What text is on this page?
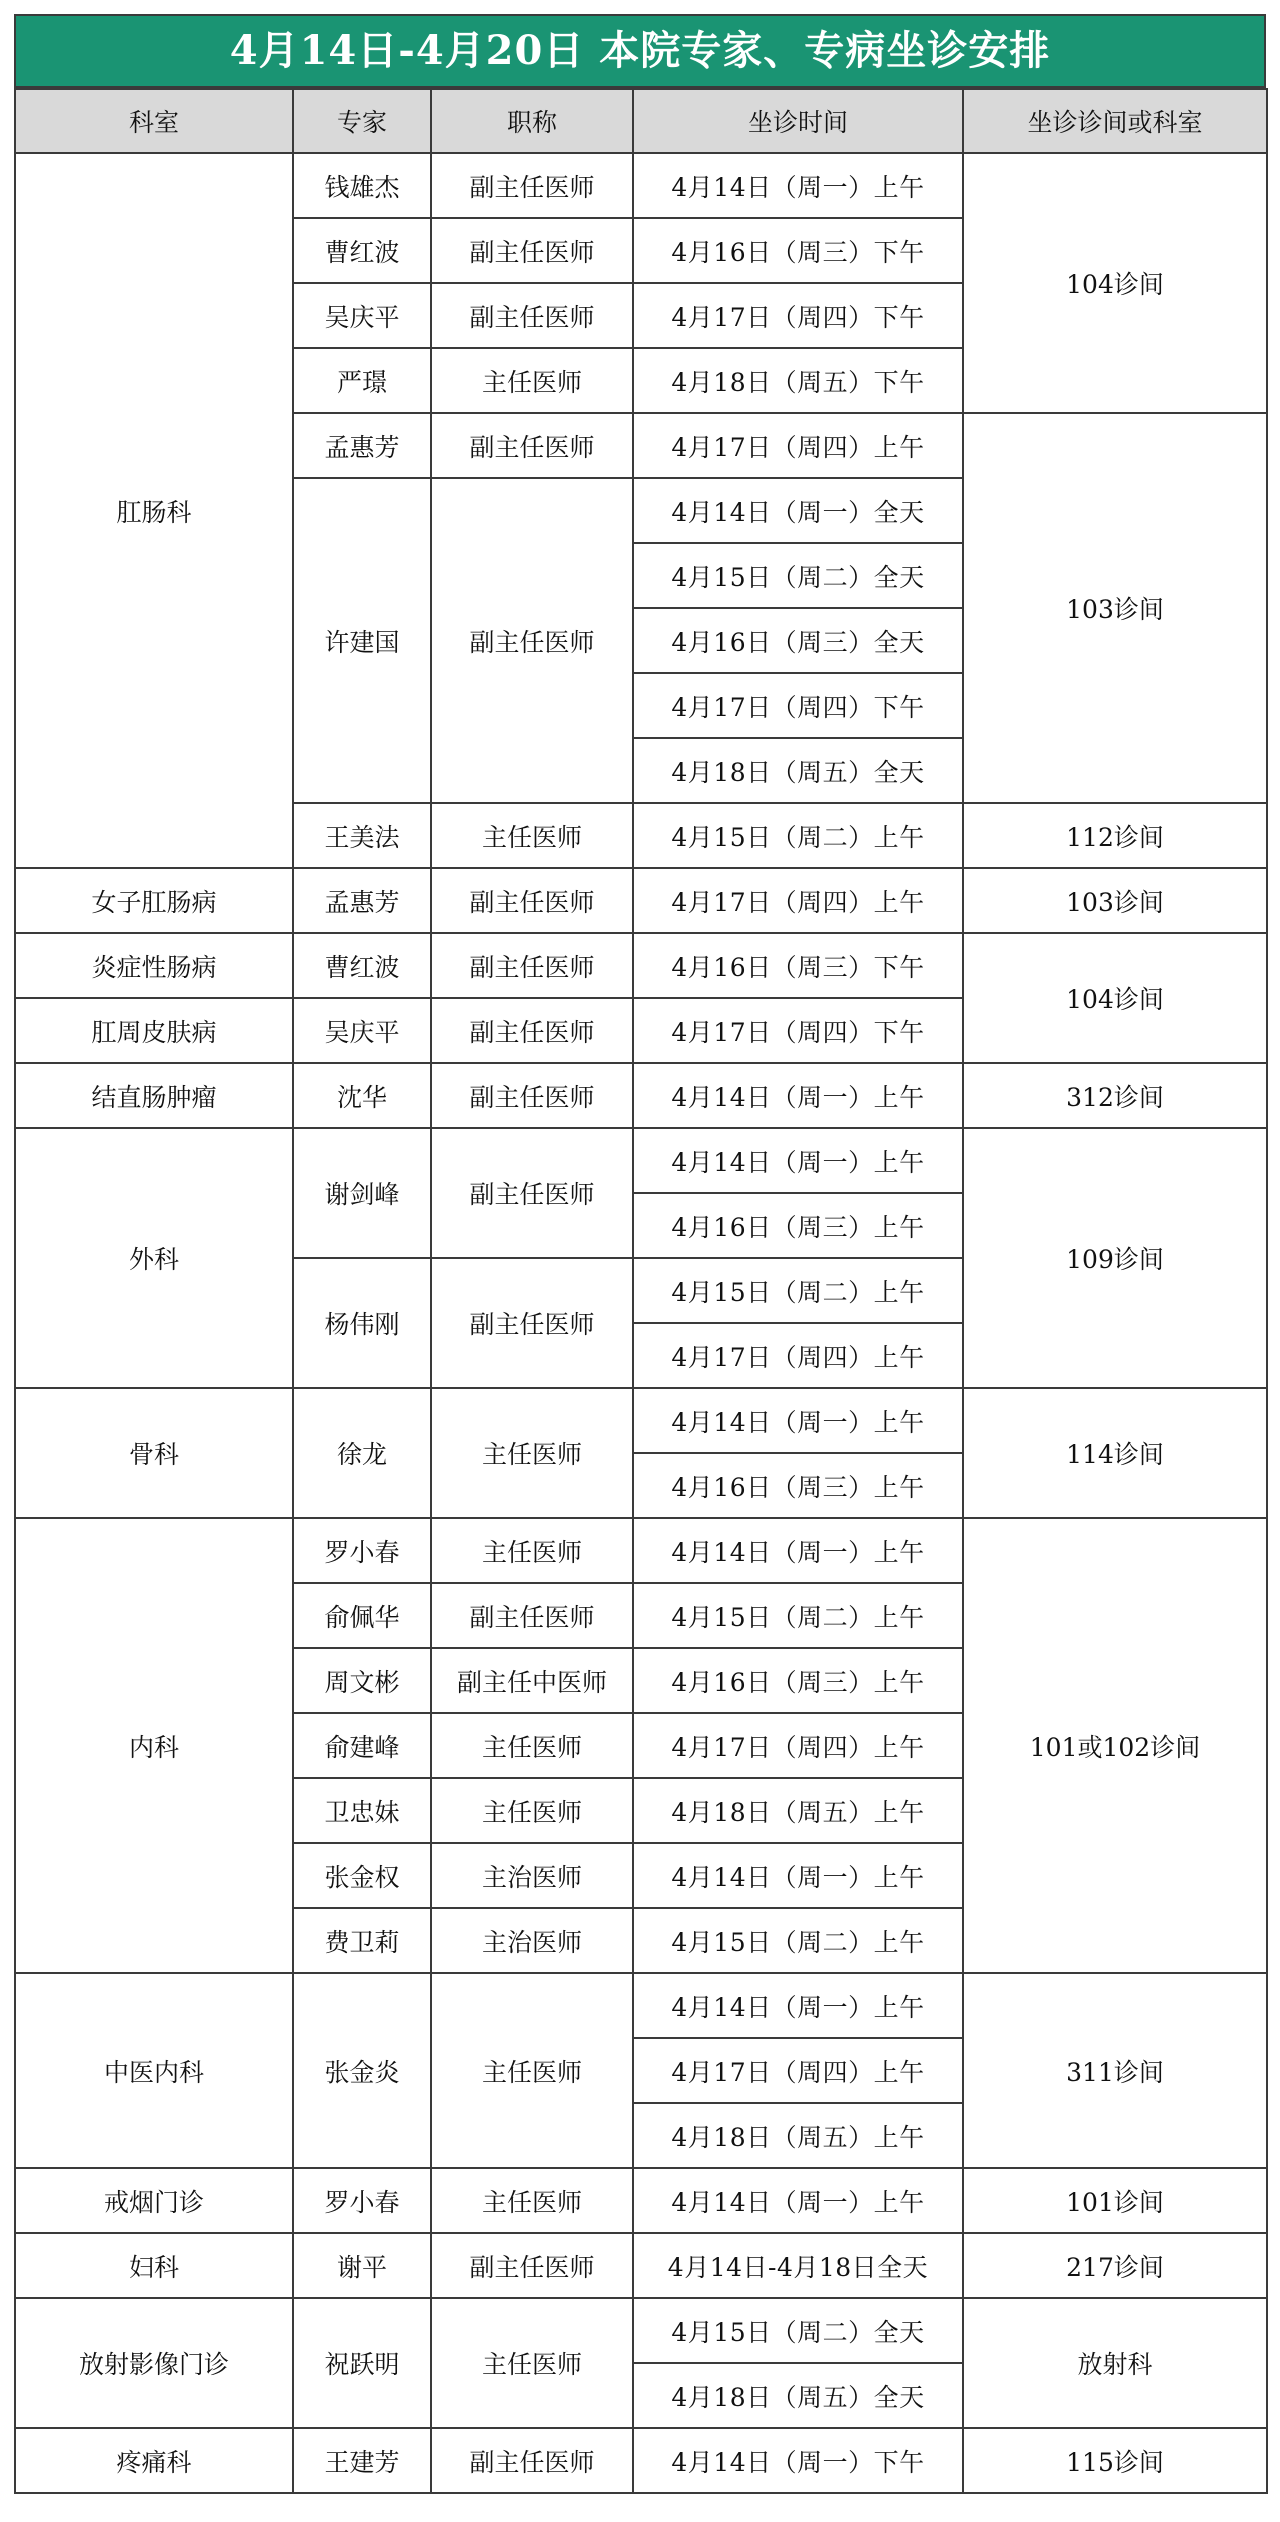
4月14日-4月20日 本院专家、专病坐诊安排
科室	专家	职称	坐诊时间	坐诊诊间或科室
肛肠科	钱雄杰	副主任医师	4月14日（周一）上午	104诊间
	曹红波	副主任医师	4月16日（周三）下午	
	吴庆平	副主任医师	4月17日（周四）下午	
	严璟	主任医师	4月18日（周五）下午	
	孟惠芳	副主任医师	4月17日（周四）上午	103诊间
	许建国	副主任医师	4月14日（周一）全天	
			4月15日（周二）全天	
			4月16日（周三）全天	
			4月17日（周四）下午	
			4月18日（周五）全天	
	王美法	主任医师	4月15日（周二）上午	112诊间
女子肛肠病	孟惠芳	副主任医师	4月17日（周四）上午	103诊间
炎症性肠病	曹红波	副主任医师	4月16日（周三）下午	104诊间
肛周皮肤病	吴庆平	副主任医师	4月17日（周四）下午	
结直肠肿瘤	沈华	副主任医师	4月14日（周一）上午	312诊间
外科	谢剑峰	副主任医师	4月14日（周一）上午	109诊间
			4月16日（周三）上午	
	杨伟刚	副主任医师	4月15日（周二）上午	
			4月17日（周四）上午	
骨科	徐龙	主任医师	4月14日（周一）上午	114诊间
			4月16日（周三）上午	
内科	罗小春	主任医师	4月14日（周一）上午	101或102诊间
	俞佩华	副主任医师	4月15日（周二）上午	
	周文彬	副主任中医师	4月16日（周三）上午	
	俞建峰	主任医师	4月17日（周四）上午	
	卫忠妹	主任医师	4月18日（周五）上午	
	张金权	主治医师	4月14日（周一）上午	
	费卫莉	主治医师	4月15日（周二）上午	
中医内科	张金炎	主任医师	4月14日（周一）上午	311诊间
			4月17日（周四）上午	
			4月18日（周五）上午	
戒烟门诊	罗小春	主任医师	4月14日（周一）上午	101诊间
妇科	谢平	副主任医师	4月14日-4月18日全天	217诊间
放射影像门诊	祝跃明	主任医师	4月15日（周二）全天	放射科
			4月18日（周五）全天	
疼痛科	王建芳	副主任医师	4月14日（周一）下午	115诊间
